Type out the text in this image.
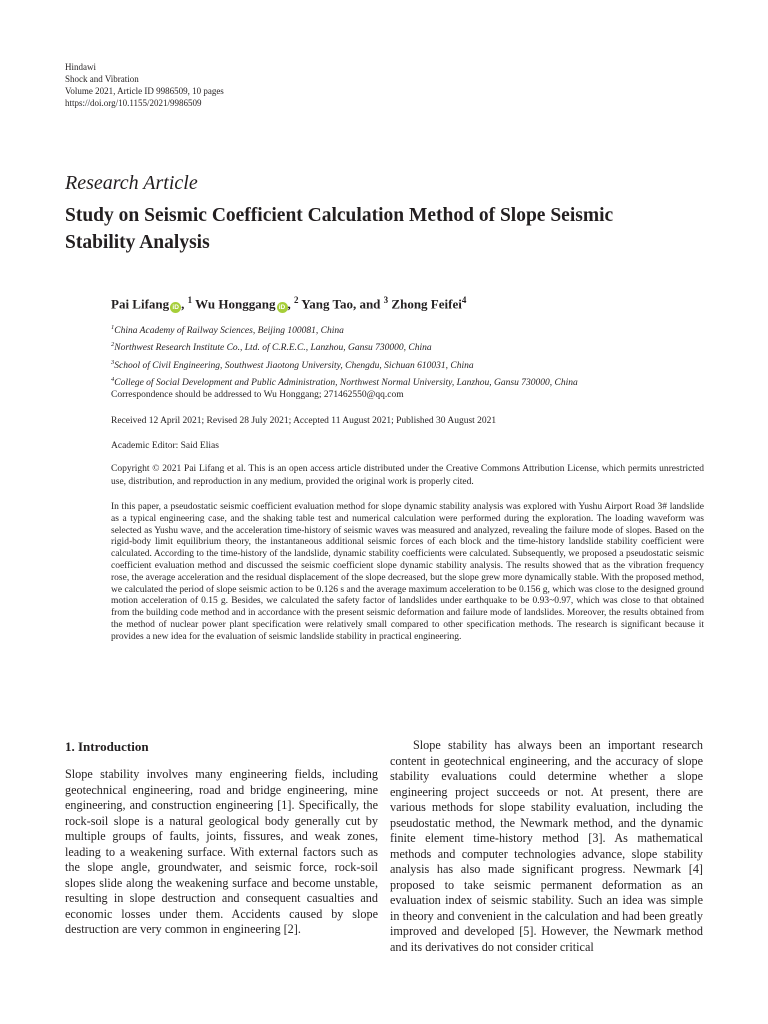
Hindawi
Shock and Vibration
Volume 2021, Article ID 9986509, 10 pages
https://doi.org/10.1155/2021/9986509
Research Article
Study on Seismic Coefficient Calculation Method of Slope Seismic
Stability Analysis
Pai Lifang iD , $^1$ Wu Honggang iD , $^2$ Yang Tao, and $^3$ Zhong Feifei$^4$
$^1$China Academy of Railway Sciences, Beijing 100081, China
$^2$Northwest Research Institute Co., Ltd. of C.R.E.C., Lanzhou, Gansu 730000, China
$^3$School of Civil Engineering, Southwest Jiaotong University, Chengdu, Sichuan 610031, China
$^4$College of Social Development and Public Administration, Northwest Normal University, Lanzhou, Gansu 730000, China
Correspondence should be addressed to Wu Honggang; 271462550@qq.com
Received 12 April 2021; Revised 28 July 2021; Accepted 11 August 2021; Published 30 August 2021
Academic Editor: Said Elias
Copyright © 2021 Pai Lifang et al. This is an open access article distributed under the Creative Commons Attribution License, which permits unrestricted use, distribution, and reproduction in any medium, provided the original work is properly cited.
In this paper, a pseudostatic seismic coefficient evaluation method for slope dynamic stability analysis was explored with Yushu Airport Road 3# landslide as a typical engineering case, and the shaking table test and numerical calculation were performed during the exploration. The loading waveform was selected as Yushu wave, and the acceleration time-history of seismic waves was measured and analyzed, revealing the failure mode of slopes. Based on the rigid-body limit equilibrium theory, the instantaneous additional seismic forces of each block and the time-history landslide stability coefficient were calculated. According to the time-history of the landslide, dynamic stability coefficients were calculated. Subsequently, we proposed a pseudostatic seismic coefficient evaluation method and discussed the seismic coefficient slope dynamic stability analysis. The results showed that as the vibration frequency rose, the average acceleration and the residual displacement of the slope decreased, but the slope grew more dynamically stable. With the proposed method, we calculated the period of slope seismic action to be 0.126 s and the average maximum acceleration to be 0.156 g, which was close to the designed ground motion acceleration of 0.15 g. Besides, we calculated the safety factor of landslides under earthquake to be 0.93~0.97, which was close to that obtained from the building code method and in accordance with the present seismic deformation and failure mode of landslides. Moreover, the results obtained from the method of nuclear power plant specification were relatively small compared to other specification methods. The research is significant because it provides a new idea for the evaluation of seismic landslide stability in practical engineering.
1. Introduction

Slope stability involves many engineering fields, including geotechnical engineering, road and bridge engineering, mine engineering, and construction engineering [1]. Specifically, the rock-soil slope is a natural geological body generally cut by multiple groups of faults, joints, fissures, and weak zones, leading to a weakening surface. With external factors such as the slope angle, groundwater, and seismic force, rock-soil slopes slide along the weakening surface and become unstable, resulting in slope destruction and consequent casualties and economic losses under them. Accidents caused by slope destruction are very common in engineering [2].

Slope stability has always been an important research content in geotechnical engineering, and the accuracy of slope stability evaluations could determine whether a slope engineering project succeeds or not. At present, there are various methods for slope stability evaluation, including the pseudostatic method, the Newmark method, and the dynamic finite element time-history method [3]. As mathematical methods and computer technologies advance, slope stability analysis has also made significant progress. Newmark [4] proposed to take seismic permanent deformation as an evaluation index of seismic stability. Such an idea was simple in theory and convenient in the calculation and had been greatly improved and developed [5]. However, the Newmark method and its derivatives do not consider critical
